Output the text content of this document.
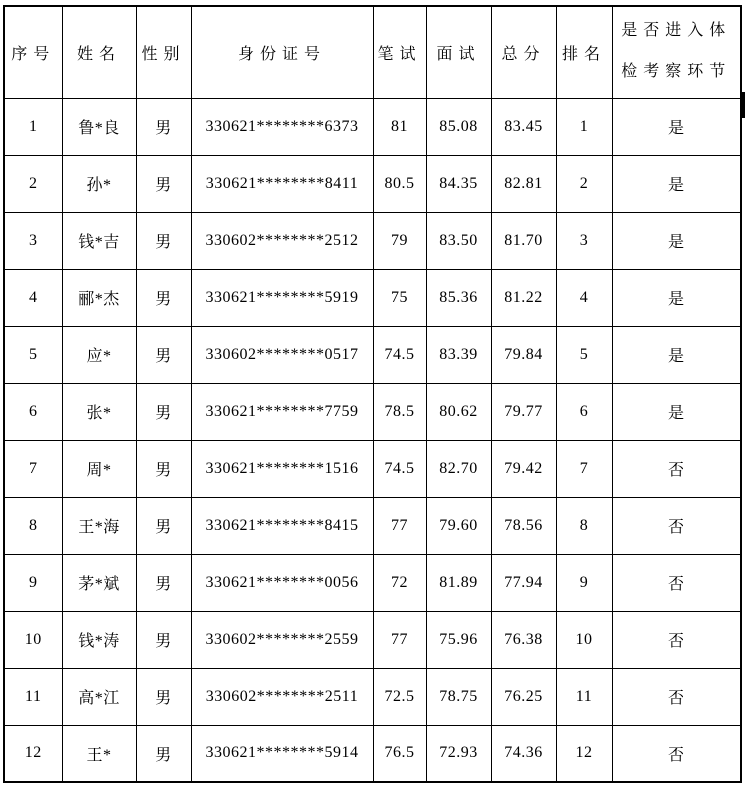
序号	姓名	性别	身份证号	笔试	面试	总分	排名	是否进入体检考察环节
1	鲁*良	男	330621********6373	81	85.08	83.45	1	是
2	孙*	男	330621********8411	80.5	84.35	82.81	2	是
3	钱*吉	男	330602********2512	79	83.50	81.70	3	是
4	郦*杰	男	330621********5919	75	85.36	81.22	4	是
5	应*	男	330602********0517	74.5	83.39	79.84	5	是
6	张*	男	330621********7759	78.5	80.62	79.77	6	是
7	周*	男	330621********1516	74.5	82.70	79.42	7	否
8	王*海	男	330621********8415	77	79.60	78.56	8	否
9	茅*斌	男	330621********0056	72	81.89	77.94	9	否
10	钱*涛	男	330602********2559	77	75.96	76.38	10	否
11	高*江	男	330602********2511	72.5	78.75	76.25	11	否
12	王*	男	330621********5914	76.5	72.93	74.36	12	否
